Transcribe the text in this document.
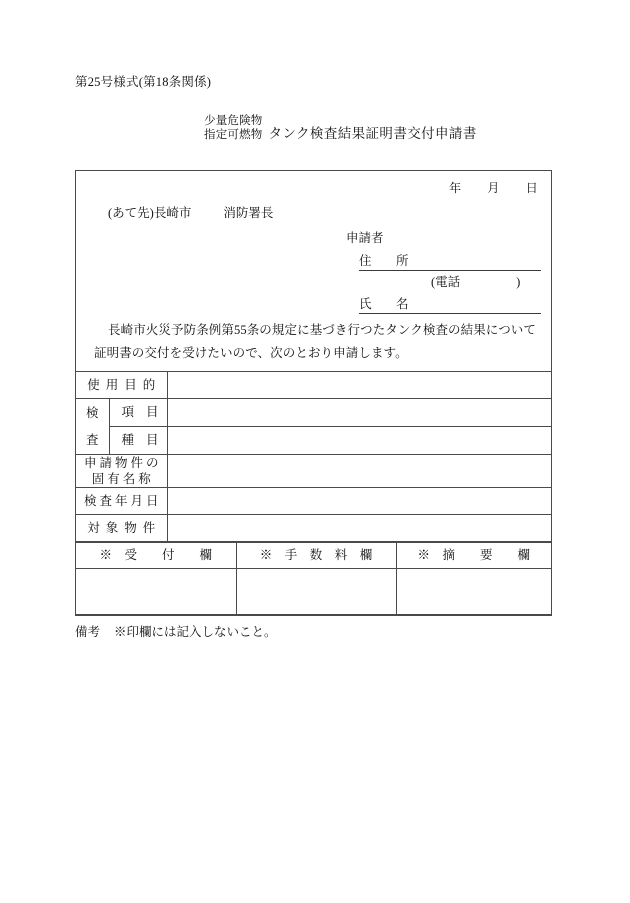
第25号様式(第18条関係)
少量危険物
指定可燃物 タンク検査結果証明書交付申請書
年 月 日
(あて先)長崎市	消防署長
申請者
住　所
(電話	)
氏　名
長崎市火災予防条例第55条の規定に基づき行つたタンク検査の結果について証明書の交付を受けたいので、次のとおり申請します。
使用目的		

検
査	項目	
	種目	

申請物件の
固有名称		

検査年月日		
対象物件		
※　受　　付　　欄	※　手　数　料　欄	※　摘　　要　　欄

備考 ※印欄には記入しないこと。
